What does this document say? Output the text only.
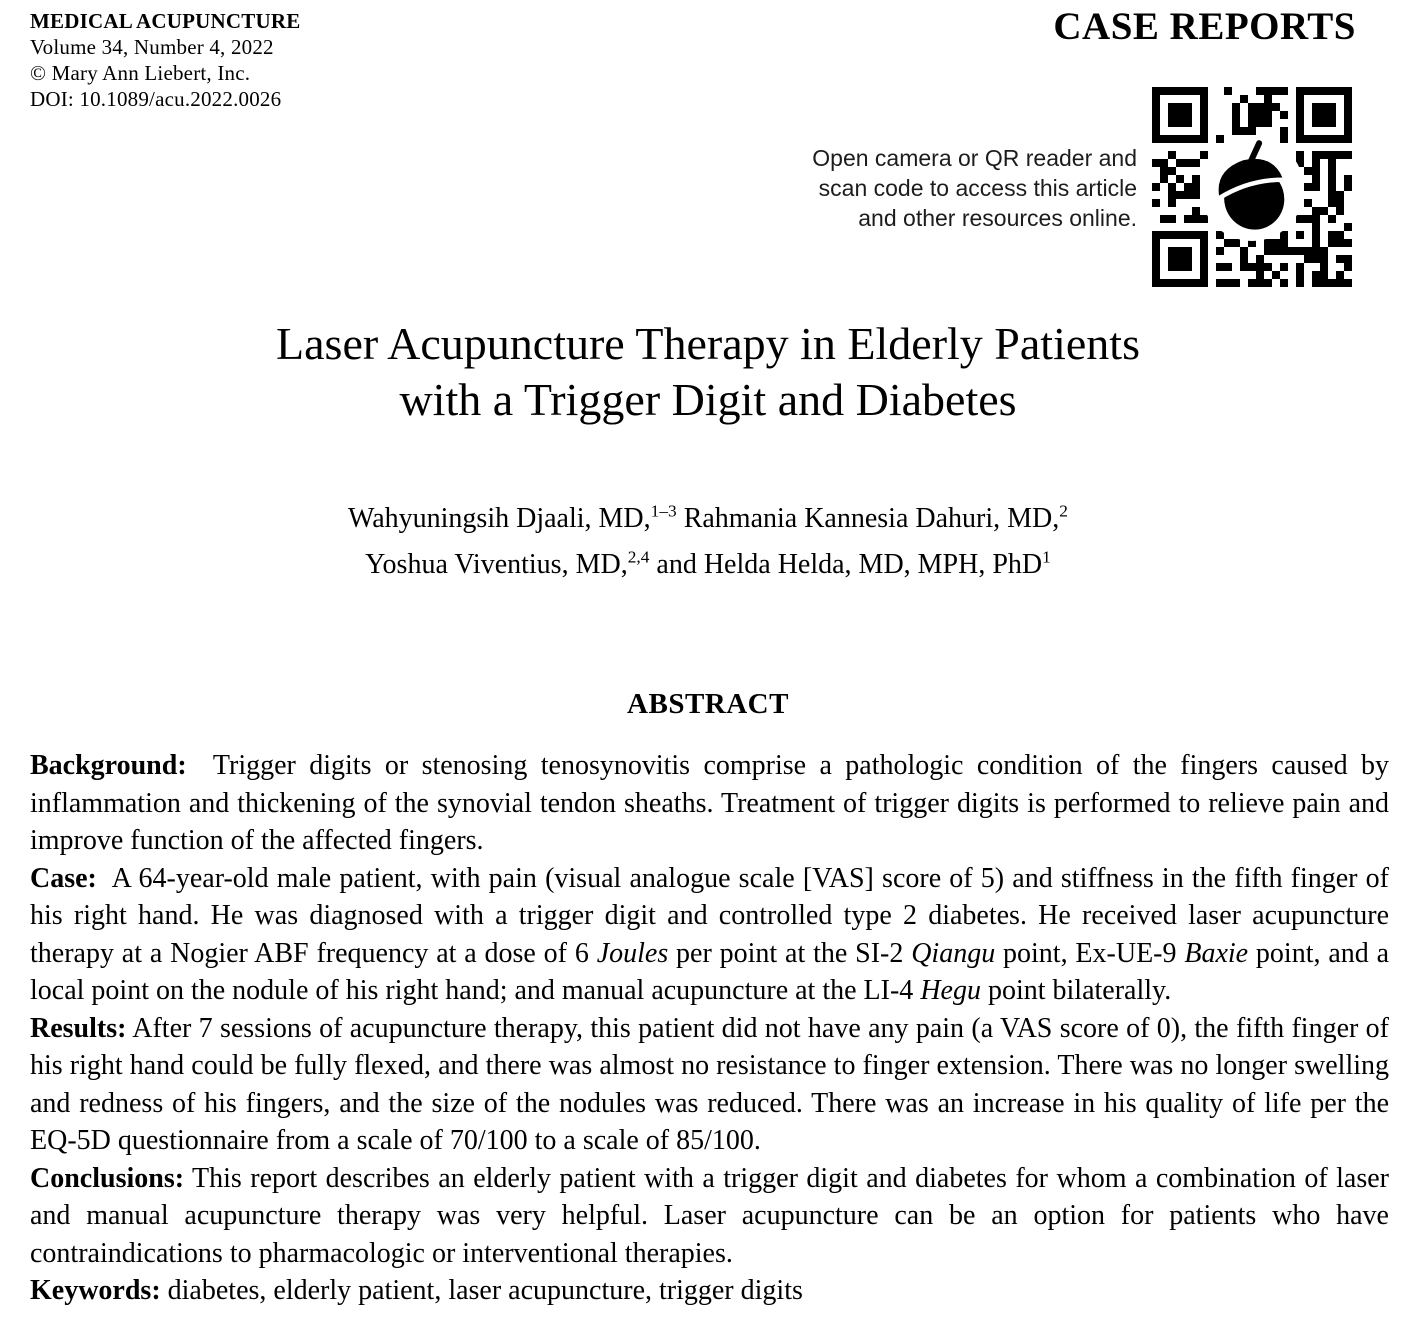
MEDICAL ACUPUNCTURE
Volume 34, Number 4, 2022
© Mary Ann Liebert, Inc.
DOI: 10.1089/acu.2022.0026
CASE REPORTS
Open camera or QR reader and
scan code to access this article
and other resources online.
Laser Acupuncture Therapy in Elderly Patients
with a Trigger Digit and Diabetes
Wahyuningsih Djaali, MD,$^{1-3}$ Rahmania Kannesia Dahuri, MD,$^2$
Yoshua Viventius, MD,$^{2,4}$ and Helda Helda, MD, MPH, PhD$^1$
ABSTRACT

Background:  Trigger digits or stenosing tenosynovitis comprise a pathologic condition of the fingers caused by inflammation and thickening of the synovial tendon sheaths. Treatment of trigger digits is performed to relieve pain and improve function of the affected fingers.

Case:  A 64-year-old male patient, with pain (visual analogue scale [VAS] score of 5) and stiffness in the fifth finger of his right hand. He was diagnosed with a trigger digit and controlled type 2 diabetes. He received laser acupuncture therapy at a Nogier ABF frequency at a dose of 6 Joules per point at the SI-2 Qiangu point, Ex-UE-9 Baxie point, and a local point on the nodule of his right hand; and manual acupuncture at the LI-4 Hegu point bilaterally.

Results: After 7 sessions of acupuncture therapy, this patient did not have any pain (a VAS score of 0), the fifth finger of his right hand could be fully flexed, and there was almost no resistance to finger extension. There was no longer swelling and redness of his fingers, and the size of the nodules was reduced. There was an increase in his quality of life per the EQ-5D questionnaire from a scale of 70/100 to a scale of 85/100.

Conclusions: This report describes an elderly patient with a trigger digit and diabetes for whom a combination of laser and manual acupuncture therapy was very helpful. Laser acupuncture can be an option for patients who have contraindications to pharmacologic or interventional therapies.

Keywords: diabetes, elderly patient, laser acupuncture, trigger digits
